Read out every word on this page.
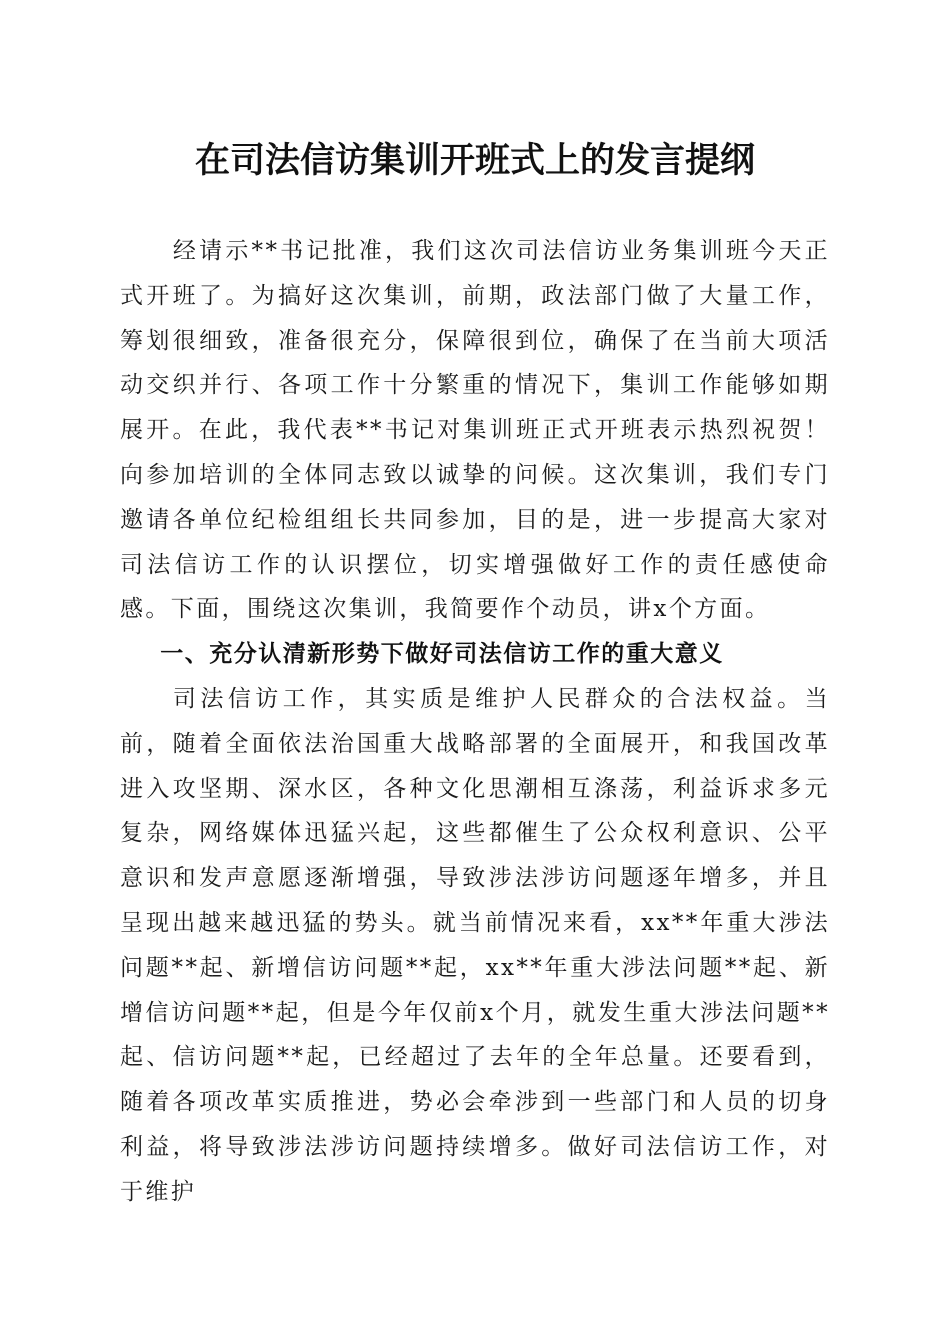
在司法信访集训开班式上的发言提纲

经请示**书记批准，我们这次司法信访业务集训班今天正式开班了。为搞好这次集训，前期，政法部门做了大量工作，筹划很细致，准备很充分，保障很到位，确保了在当前大项活动交织并行、各项工作十分繁重的情况下，集训工作能够如期展开。在此，我代表**书记对集训班正式开班表示热烈祝贺！向参加培训的全体同志致以诚挚的问候。这次集训，我们专门邀请各单位纪检组组长共同参加，目的是，进一步提高大家对司法信访工作的认识摆位，切实增强做好工作的责任感使命感。下面，围绕这次集训，我简要作个动员，讲x个方面。

一、充分认清新形势下做好司法信访工作的重大意义

司法信访工作，其实质是维护人民群众的合法权益。当前，随着全面依法治国重大战略部署的全面展开，和我国改革进入攻坚期、深水区，各种文化思潮相互涤荡，利益诉求多元复杂，网络媒体迅猛兴起，这些都催生了公众权利意识、公平意识和发声意愿逐渐增强，导致涉法涉访问题逐年增多，并且呈现出越来越迅猛的势头。就当前情况来看，xx**年重大涉法问题**起、新增信访问题**起，xx**年重大涉法问题**起、新增信访问题**起，但是今年仅前x个月，就发生重大涉法问题**起、信访问题**起，已经超过了去年的全年总量。还要看到，随着各项改革实质推进，势必会牵涉到一些部门和人员的切身利益，将导致涉法涉访问题持续增多。做好司法信访工作，对于维护
